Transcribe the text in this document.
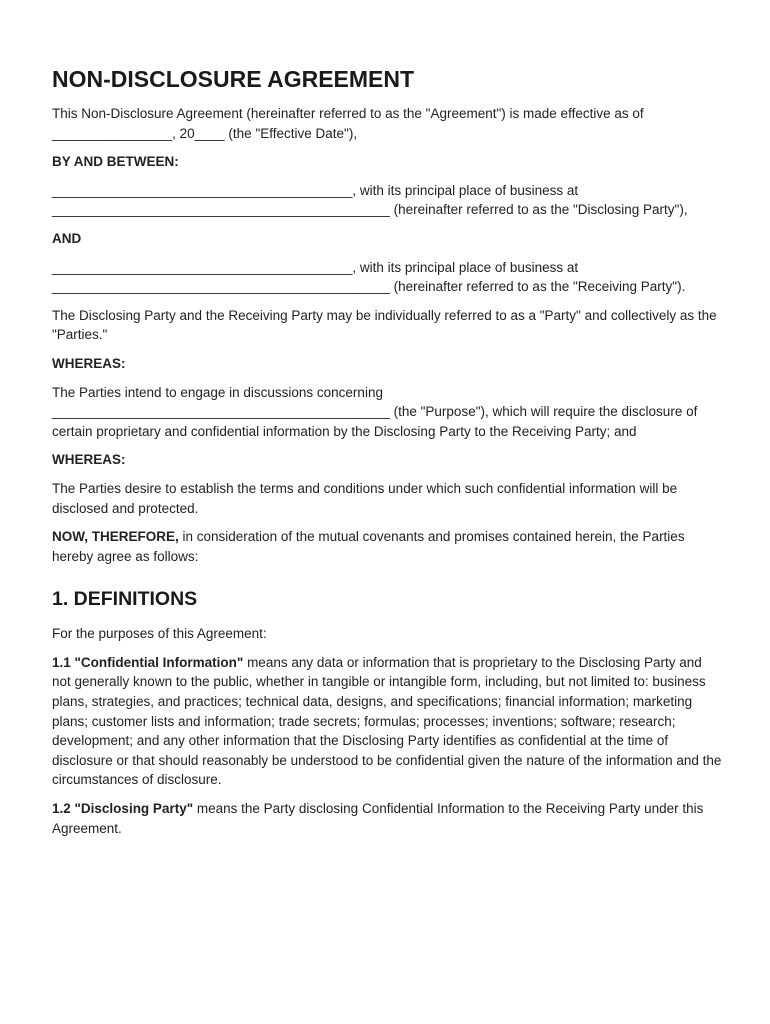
NON-DISCLOSURE AGREEMENT

This Non-Disclosure Agreement (hereinafter referred to as the "Agreement") is made effective as of ________________, 20____ (the "Effective Date"),

BY AND BETWEEN:

________________________________________, with its principal place of business at _____________________________________________ (hereinafter referred to as the "Disclosing Party"),

AND

________________________________________, with its principal place of business at _____________________________________________ (hereinafter referred to as the "Receiving Party").

The Disclosing Party and the Receiving Party may be individually referred to as a "Party" and collectively as the "Parties."

WHEREAS:

The Parties intend to engage in discussions concerning _____________________________________________ (the "Purpose"), which will require the disclosure of certain proprietary and confidential information by the Disclosing Party to the Receiving Party; and

WHEREAS:

The Parties desire to establish the terms and conditions under which such confidential information will be disclosed and protected.

NOW, THEREFORE, in consideration of the mutual covenants and promises contained herein, the Parties hereby agree as follows:

1. DEFINITIONS

For the purposes of this Agreement:

1.1 "Confidential Information" means any data or information that is proprietary to the Disclosing Party and not generally known to the public, whether in tangible or intangible form, including, but not limited to: business plans, strategies, and practices; technical data, designs, and specifications; financial information; marketing plans; customer lists and information; trade secrets; formulas; processes; inventions; software; research; development; and any other information that the Disclosing Party identifies as confidential at the time of disclosure or that should reasonably be understood to be confidential given the nature of the information and the circumstances of disclosure.

1.2 "Disclosing Party" means the Party disclosing Confidential Information to the Receiving Party under this Agreement.
